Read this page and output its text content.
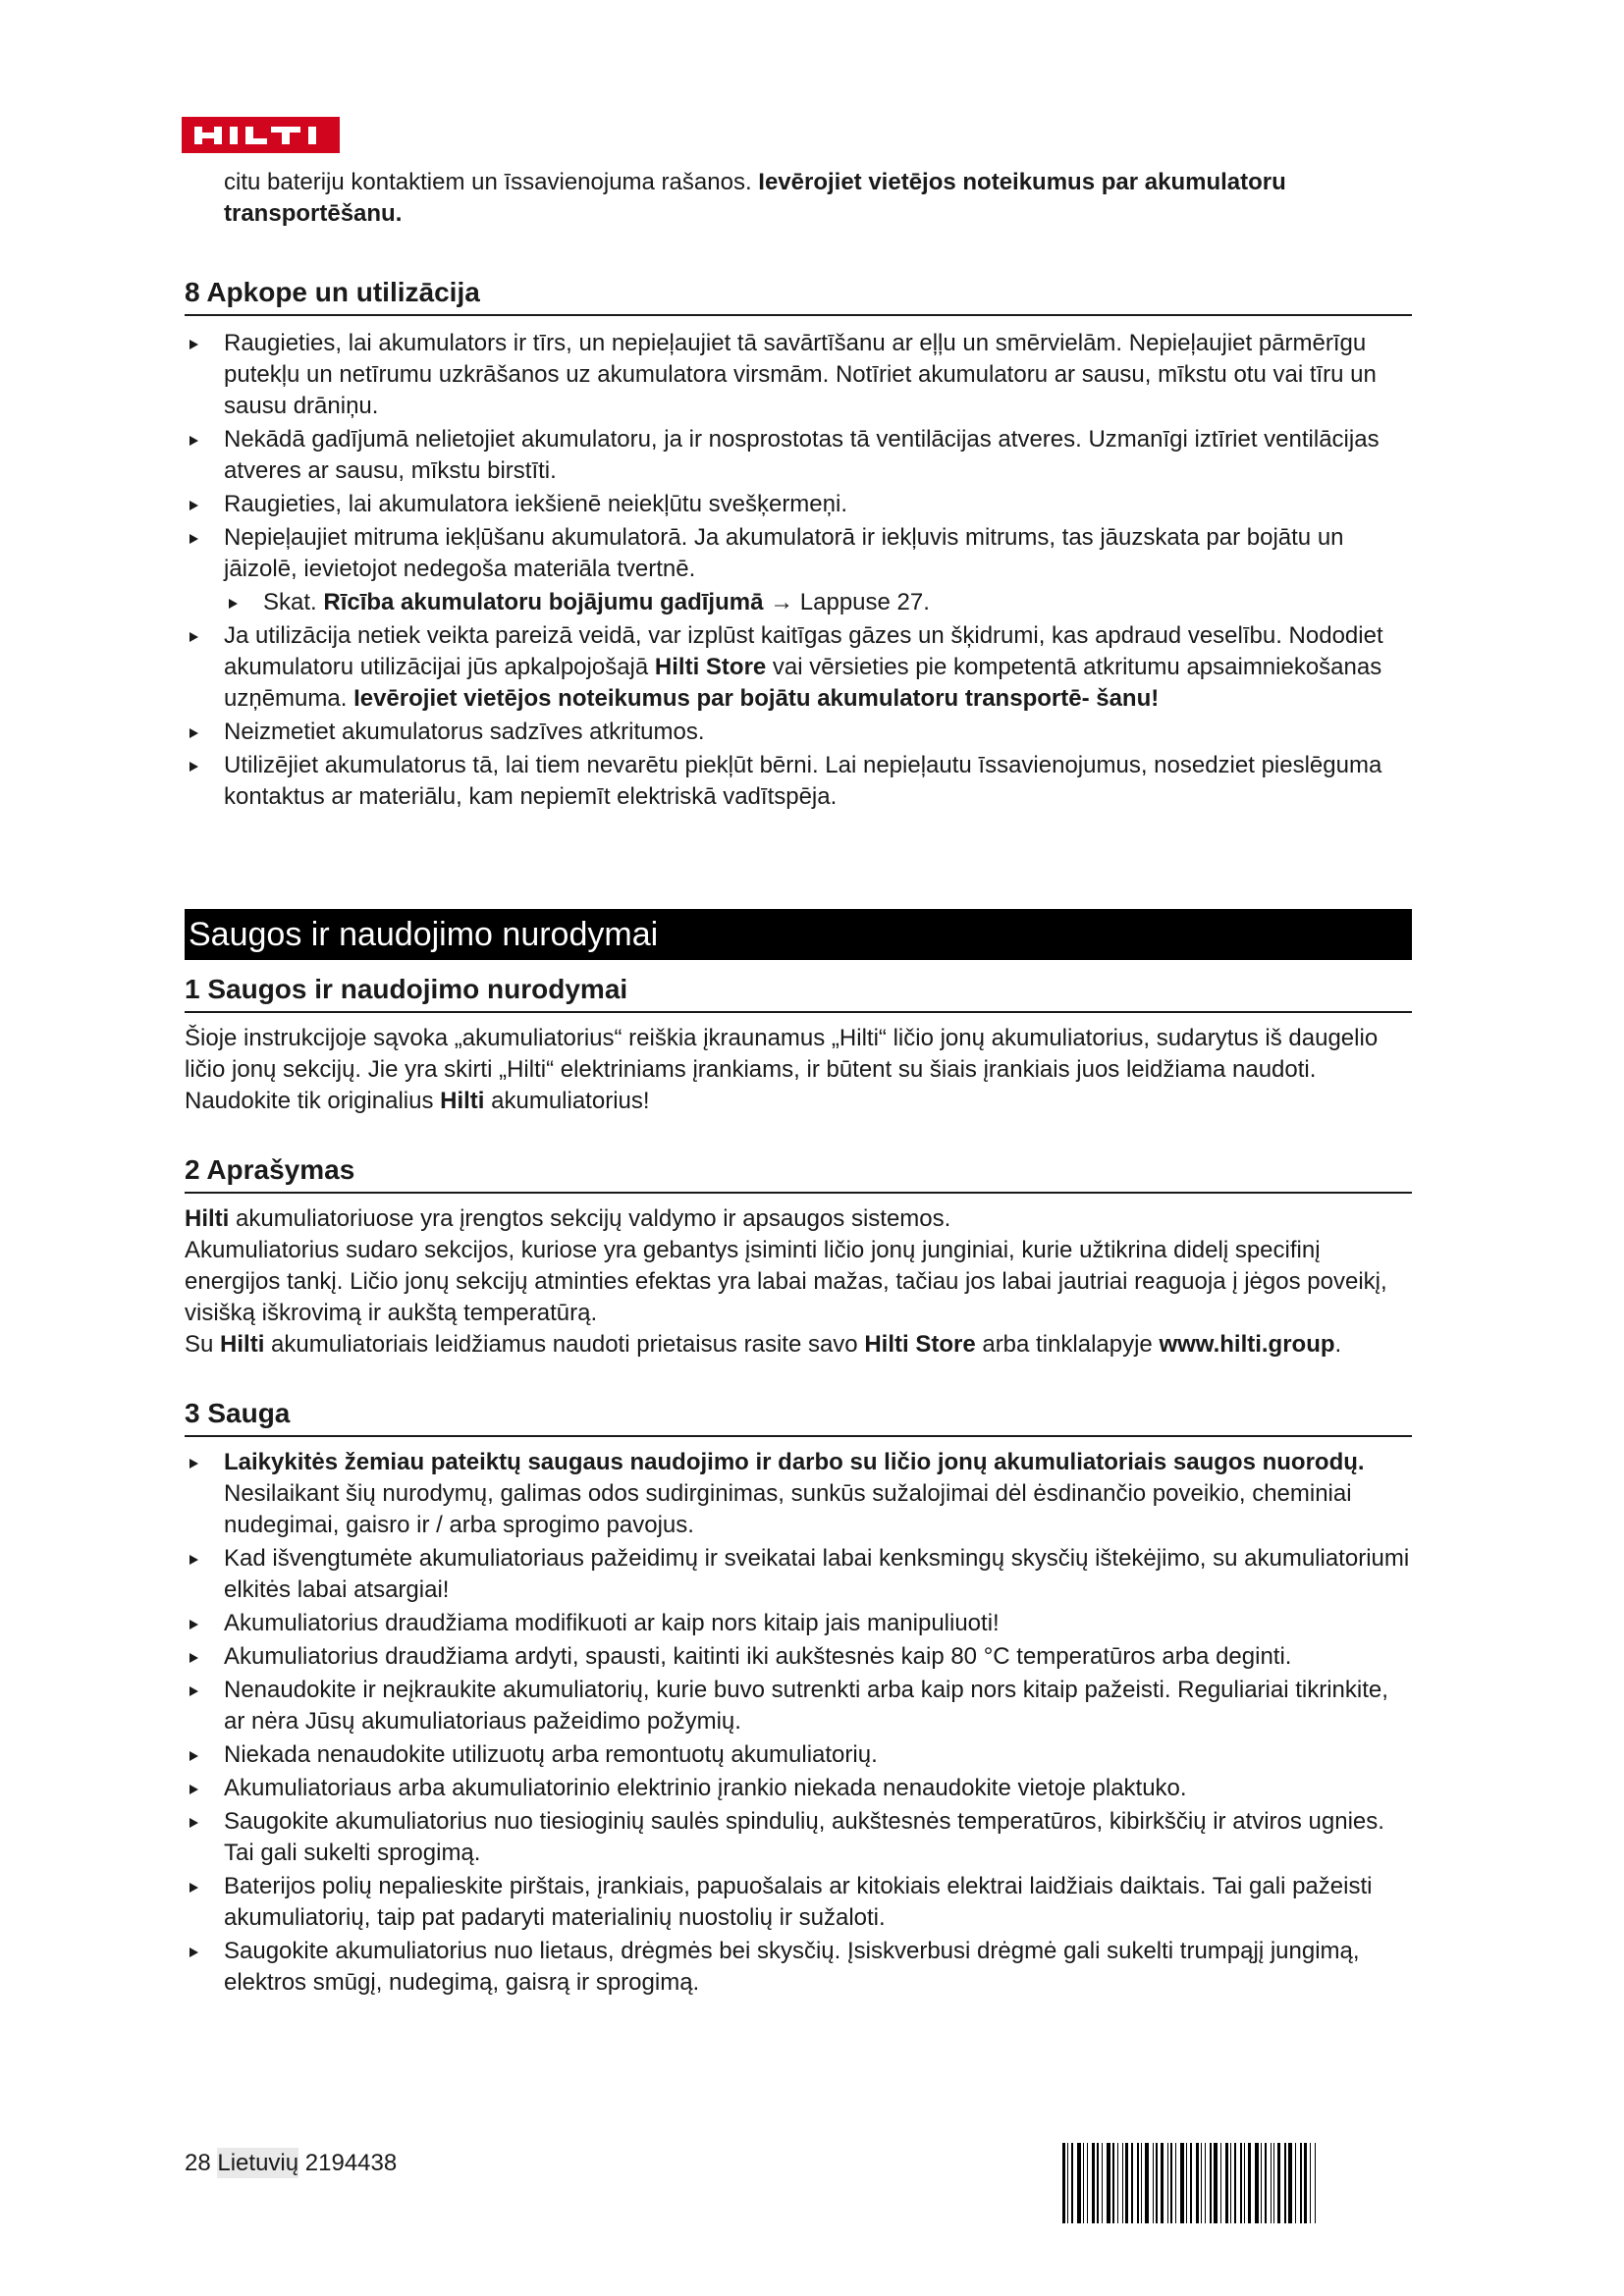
citu bateriju kontaktiem un īssavienojuma rašanos. Ievērojiet vietējos noteikumus par akumulatoru transportēšanu.

8 Apkope un utilizācija
Raugieties, lai akumulators ir tīrs, un nepieļaujiet tā savārtīšanu ar eļļu un smērvielām. Nepieļaujiet pārmērīgu putekļu un netīrumu uzkrāšanos uz akumulatora virsmām. Notīriet akumulatoru ar sausu, mīkstu otu vai tīru un sausu drāniņu.
Nekādā gadījumā nelietojiet akumulatoru, ja ir nosprostotas tā ventilācijas atveres. Uzmanīgi iztīriet ventilācijas atveres ar sausu, mīkstu birstīti.
Raugieties, lai akumulatora iekšienē neiekļūtu svešķermeņi.
Nepieļaujiet mitruma iekļūšanu akumulatorā. Ja akumulatorā ir iekļuvis mitrums, tas jāuzskata par bojātu un jāizolē, ievietojot nedegoša materiāla tvertnē.
Skat. Rīcība akumulatoru bojājumu gadījumā → Lappuse 27.
Ja utilizācija netiek veikta pareizā veidā, var izplūst kaitīgas gāzes un šķidrumi, kas apdraud veselību. Nododiet akumulatoru utilizācijai jūs apkalpojošajā Hilti Store vai vērsieties pie kompetentā atkritumu apsaimniekošanas uzņēmuma. Ievērojiet vietējos noteikumus par bojātu akumulatoru transportē- šanu!
Neizmetiet akumulatorus sadzīves atkritumos.
Utilizējiet akumulatorus tā, lai tiem nevarētu piekļūt bērni. Lai nepieļautu īssavienojumus, nosedziet pieslēguma kontaktus ar materiālu, kam nepiemīt elektriskā vadītspēja.
Saugos ir naudojimo nurodymai
1 Saugos ir naudojimo nurodymai

Šioje instrukcijoje sąvoka „akumuliatorius“ reiškia įkraunamus „Hilti“ ličio jonų akumuliatorius, sudarytus iš daugelio ličio jonų sekcijų. Jie yra skirti „Hilti“ elektriniams įrankiams, ir būtent su šiais įrankiais juos leidžiama naudoti. Naudokite tik originalius Hilti akumuliatorius!

2 Aprašymas

Hilti akumuliatoriuose yra įrengtos sekcijų valdymo ir apsaugos sistemos.

Akumuliatorius sudaro sekcijos, kuriose yra gebantys įsiminti ličio jonų junginiai, kurie užtikrina didelį specifinį energijos tankį. Ličio jonų sekcijų atminties efektas yra labai mažas, tačiau jos labai jautriai reaguoja į jėgos poveikį, visišką iškrovimą ir aukštą temperatūrą.

Su Hilti akumuliatoriais leidžiamus naudoti prietaisus rasite savo Hilti Store arba tinklalapyje www.hilti.group.

3 Sauga
Laikykitės žemiau pateiktų saugaus naudojimo ir darbo su ličio jonų akumuliatoriais saugos nuorodų. Nesilaikant šių nurodymų, galimas odos sudirginimas, sunkūs sužalojimai dėl ėsdinančio poveikio, cheminiai nudegimai, gaisro ir / arba sprogimo pavojus.
Kad išvengtumėte akumuliatoriaus pažeidimų ir sveikatai labai kenksmingų skysčių ištekėjimo, su akumuliatoriumi elkitės labai atsargiai!
Akumuliatorius draudžiama modifikuoti ar kaip nors kitaip jais manipuliuoti!
Akumuliatorius draudžiama ardyti, spausti, kaitinti iki aukštesnės kaip 80 °C temperatūros arba deginti.
Nenaudokite ir neįkraukite akumuliatorių, kurie buvo sutrenkti arba kaip nors kitaip pažeisti. Reguliariai tikrinkite, ar nėra Jūsų akumuliatoriaus pažeidimo požymių.
Niekada nenaudokite utilizuotų arba remontuotų akumuliatorių.
Akumuliatoriaus arba akumuliatorinio elektrinio įrankio niekada nenaudokite vietoje plaktuko.
Saugokite akumuliatorius nuo tiesioginių saulės spindulių, aukštesnės temperatūros, kibirkščių ir atviros ugnies. Tai gali sukelti sprogimą.
Baterijos polių nepalieskite pirštais, įrankiais, papuošalais ar kitokiais elektrai laidžiais daiktais. Tai gali pažeisti akumuliatorių, taip pat padaryti materialinių nuostolių ir sužaloti.
Saugokite akumuliatorius nuo lietaus, drėgmės bei skysčių. Įsiskverbusi drėgmė gali sukelti trumpąjį jungimą, elektros smūgį, nudegimą, gaisrą ir sprogimą.
28 Lietuvių 2194438
